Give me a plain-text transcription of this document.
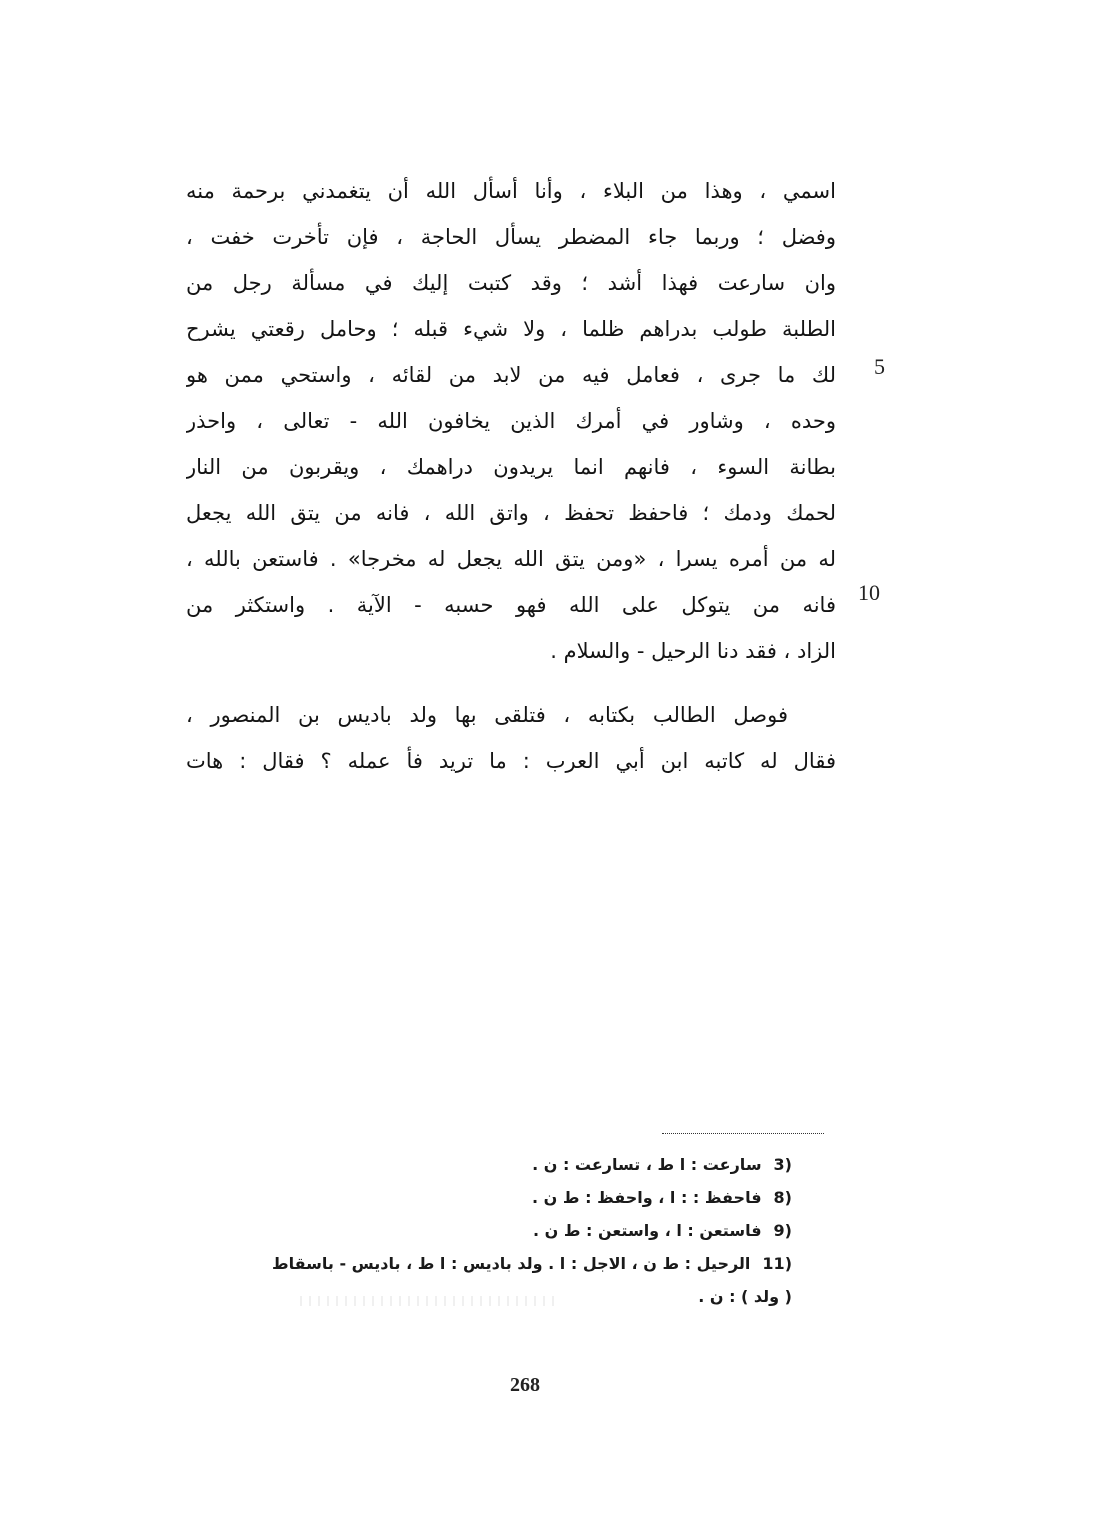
اسمي ، وهذا من البلاء ، وأنا أسأل الله أن يتغمدني برحمة منه
وفضل ؛ وربما جاء المضطر يسأل الحاجة ، فإن تأخرت خفت ،
وان سارعت فهذا أشد ؛ وقد كتبت إليك في مسألة رجل من
الطلبة طولب بدراهم ظلما ، ولا شيء قبله ؛ وحامل رقعتي يشرح
لك ما جرى ، فعامل فيه من لابد من لقائه ، واستحي ممن هو
وحده ، وشاور في أمرك الذين يخافون الله - تعالى ، واحذر
بطانة السوء ، فانهم انما يريدون دراهمك ، ويقربون من النار
لحمك ودمك ؛ فاحفظ تحفظ ، واتق الله ، فانه من يتق الله يجعل
له من أمره يسرا ، «ومن يتق الله يجعل له مخرجا» . فاستعن بالله ،
فانه من يتوكل على الله فهو حسبه - الآية . واستكثر من
الزاد ، فقد دنا الرحيل - والسلام .
فوصل الطالب بكتابه ، فتلقى بها ولد باديس بن المنصور ،
فقال له كاتبه ابن أبي العرب : ما تريد فأ عمله ؟ فقال : هات
5
10
3)سارعت : ا ط ، تسارعت : ن .
8)فاحفظ : : ا ، واحفظ : ط ن .
9)فاستعن : ا ، واستعن : ط ن .
11)الرحيل : ط ن ، الاجل : ا . ولد باديس : ا ط ، باديس - باسقاط
( ولد ) : ن .
268
